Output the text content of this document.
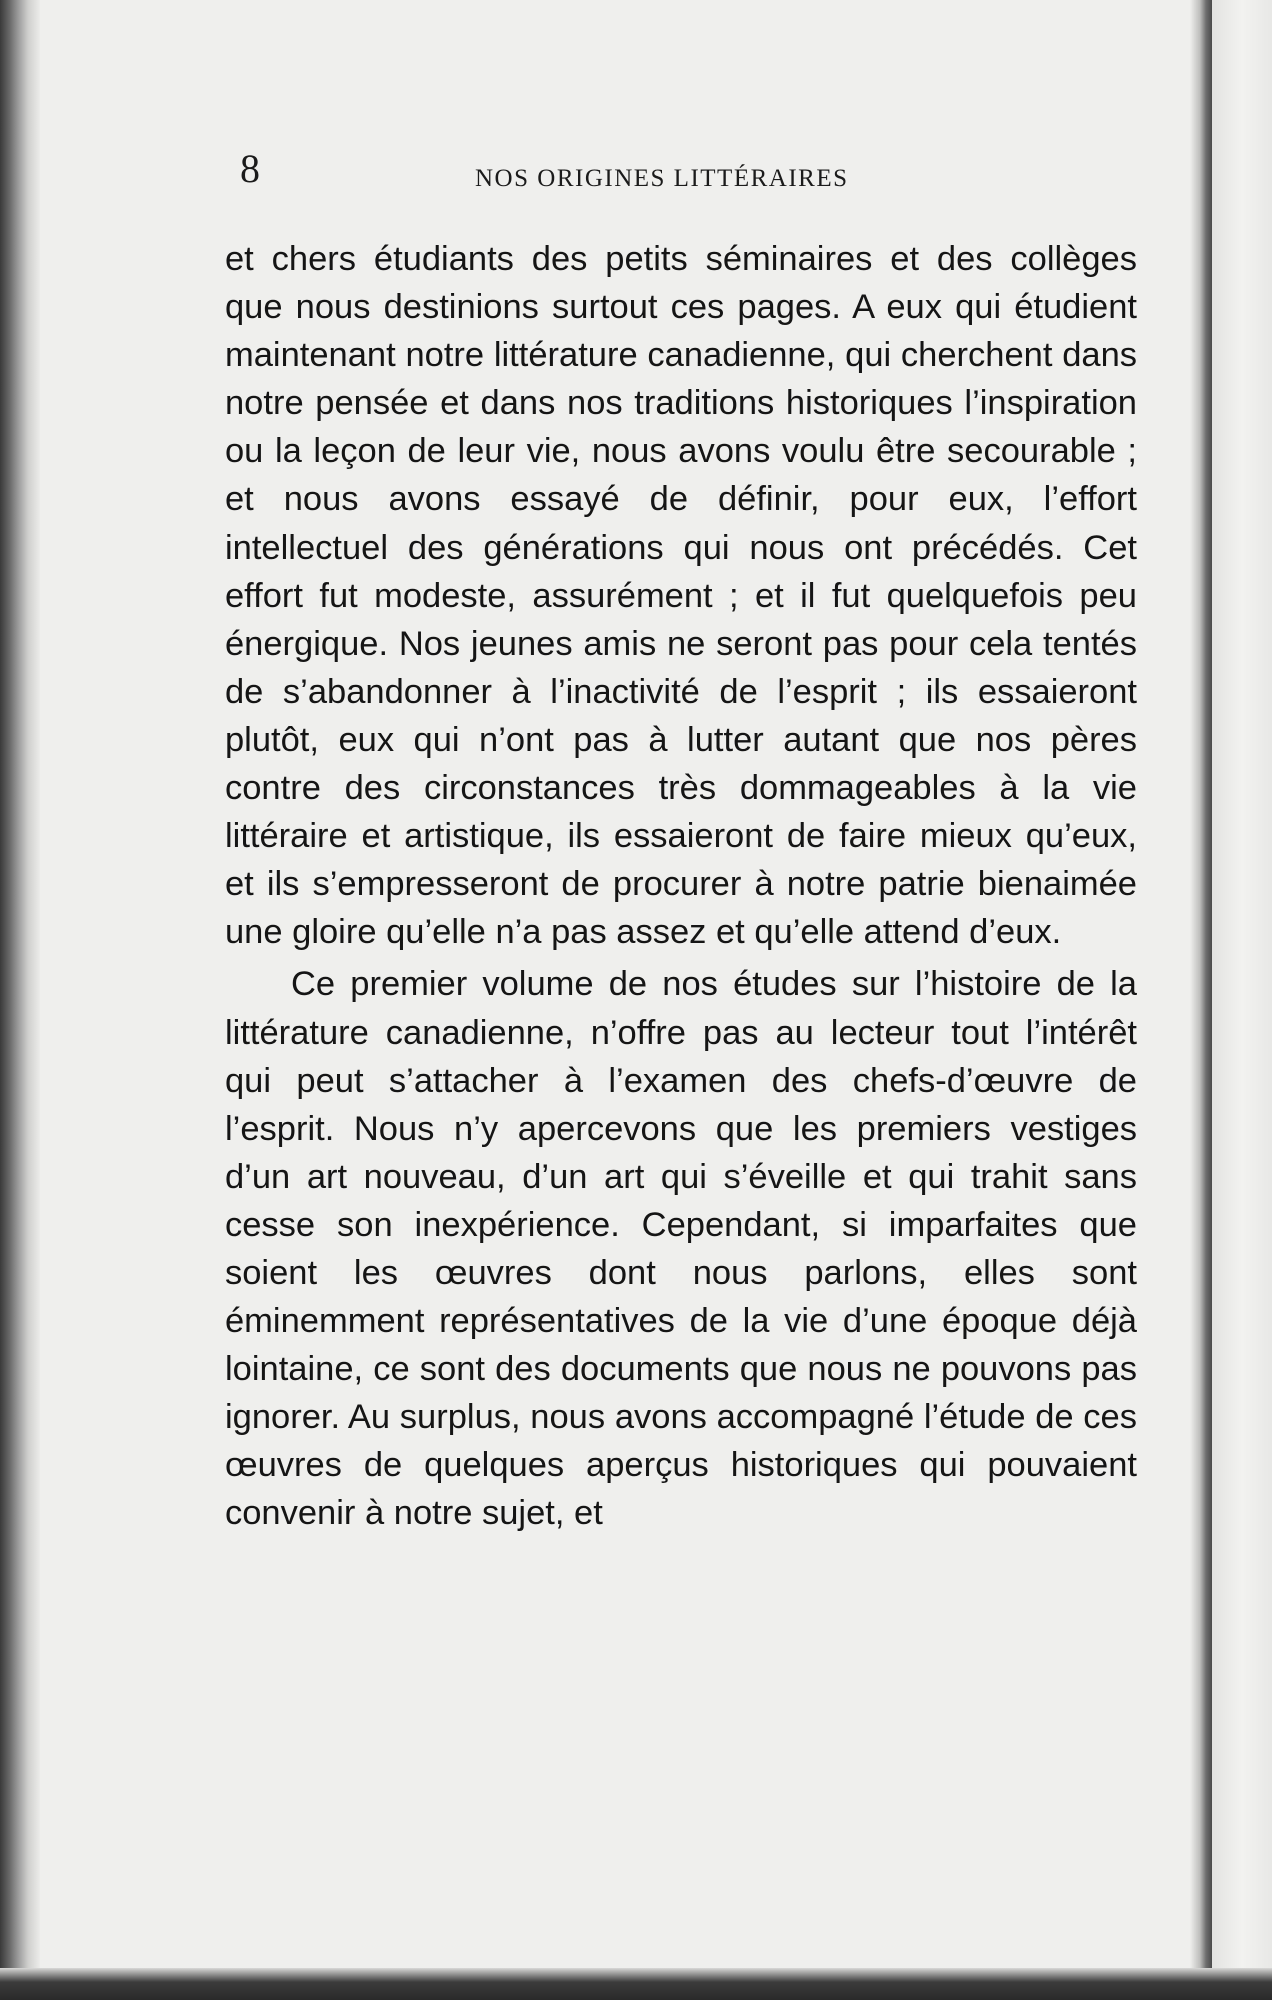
8	NOS ORIGINES LITTÉRAIRES

et chers étudiants des petits séminaires et des collèges que nous destinions surtout ces pages. A eux qui étudient maintenant notre littérature canadienne, qui cherchent dans notre pensée et dans nos traditions historiques l’inspiration ou la leçon de leur vie, nous avons voulu être secourable ; et nous avons essayé de définir, pour eux, l’effort intellectuel des générations qui nous ont précédés. Cet effort fut modeste, assurément ; et il fut quelquefois peu énergique. Nos jeunes amis ne seront pas pour cela tentés de s’abandonner à l’inactivité de l’esprit ; ils essaieront plutôt, eux qui n’ont pas à lutter autant que nos pères contre des circonstances très dommageables à la vie littéraire et artistique, ils essaieront de faire mieux qu’eux, et ils s’empresseront de procurer à notre patrie bienaimée une gloire qu’elle n’a pas assez et qu’elle attend d’eux.

Ce premier volume de nos études sur l’histoire de la littérature canadienne, n’offre pas au lecteur tout l’intérêt qui peut s’attacher à l’examen des chefs-d’œuvre de l’esprit. Nous n’y apercevons que les premiers vestiges d’un art nouveau, d’un art qui s’éveille et qui trahit sans cesse son inexpérience. Cependant, si imparfaites que soient les œuvres dont nous parlons, elles sont éminemment représentatives de la vie d’une époque déjà lointaine, ce sont des documents que nous ne pouvons pas ignorer. Au surplus, nous avons accompagné l’étude de ces œuvres de quelques aperçus historiques qui pouvaient convenir à notre sujet, et
